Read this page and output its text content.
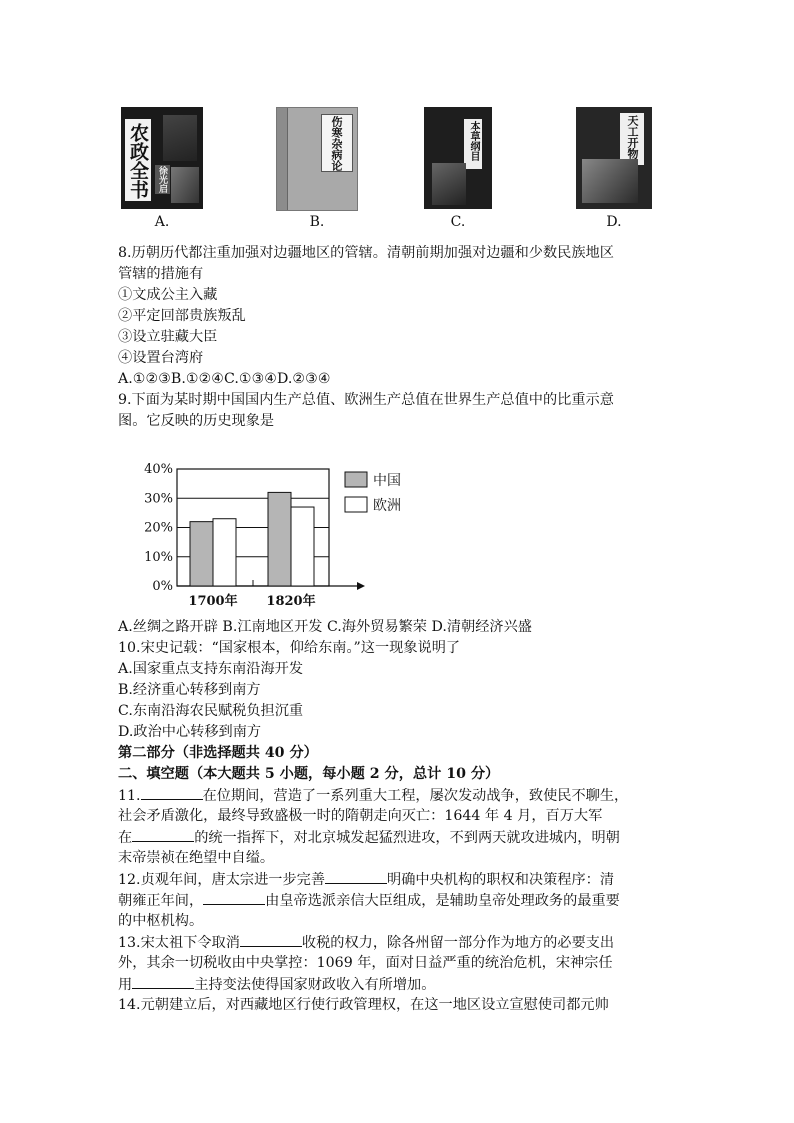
农政全书 徐光启
A.
伤寒杂病论
B.
本草纲目
C.
天工开物
D.
8.历朝历代都注重加强对边疆地区的管辖。清朝前期加强对边疆和少数民族地区
管辖的措施有
①文成公主入藏
②平定回部贵族叛乱
③设立驻藏大臣
④设置台湾府
A.①②③B.①②④C.①③④D.②③④
9.下面为某时期中国国内生产总值、欧洲生产总值在世界生产总值中的比重示意
图。它反映的历史现象是
0%
10%
20%
30%
40%
1700年 1820年
中国
欧洲
A.丝绸之路开辟 B.江南地区开发 C.海外贸易繁荣 D.清朝经济兴盛
10.宋史记载：“国家根本，仰给东南。”这一现象说明了
A.国家重点支持东南沿海开发
B.经济重心转移到南方
C.东南沿海农民赋税负担沉重
D.政治中心转移到南方
第二部分（非选择题共 40 分）
二、填空题（本大题共 5 小题，每小题 2 分，总计 10 分）
11.	在位期间，营造了一系列重大工程，屡次发动战争，致使民不聊生，
社会矛盾激化，最终导致盛极一时的隋朝走向灭亡：1644 年 4 月，百万大军
在	的统一指挥下，对北京城发起猛烈进攻，不到两天就攻进城内，明朝
末帝崇祯在绝望中自缢。
12.贞观年间，唐太宗进一步完善	明确中央机构的职权和决策程序：清
朝雍正年间，	由皇帝选派亲信大臣组成，是辅助皇帝处理政务的最重要
的中枢机构。
13.宋太祖下令取消	收税的权力，除各州留一部分作为地方的必要支出
外，其余一切税收由中央掌控：1069 年，面对日益严重的统治危机，宋神宗任
用	主持变法使得国家财政收入有所增加。
14.元朝建立后，对西藏地区行使行政管理权，在这一地区设立宣慰使司都元帅
